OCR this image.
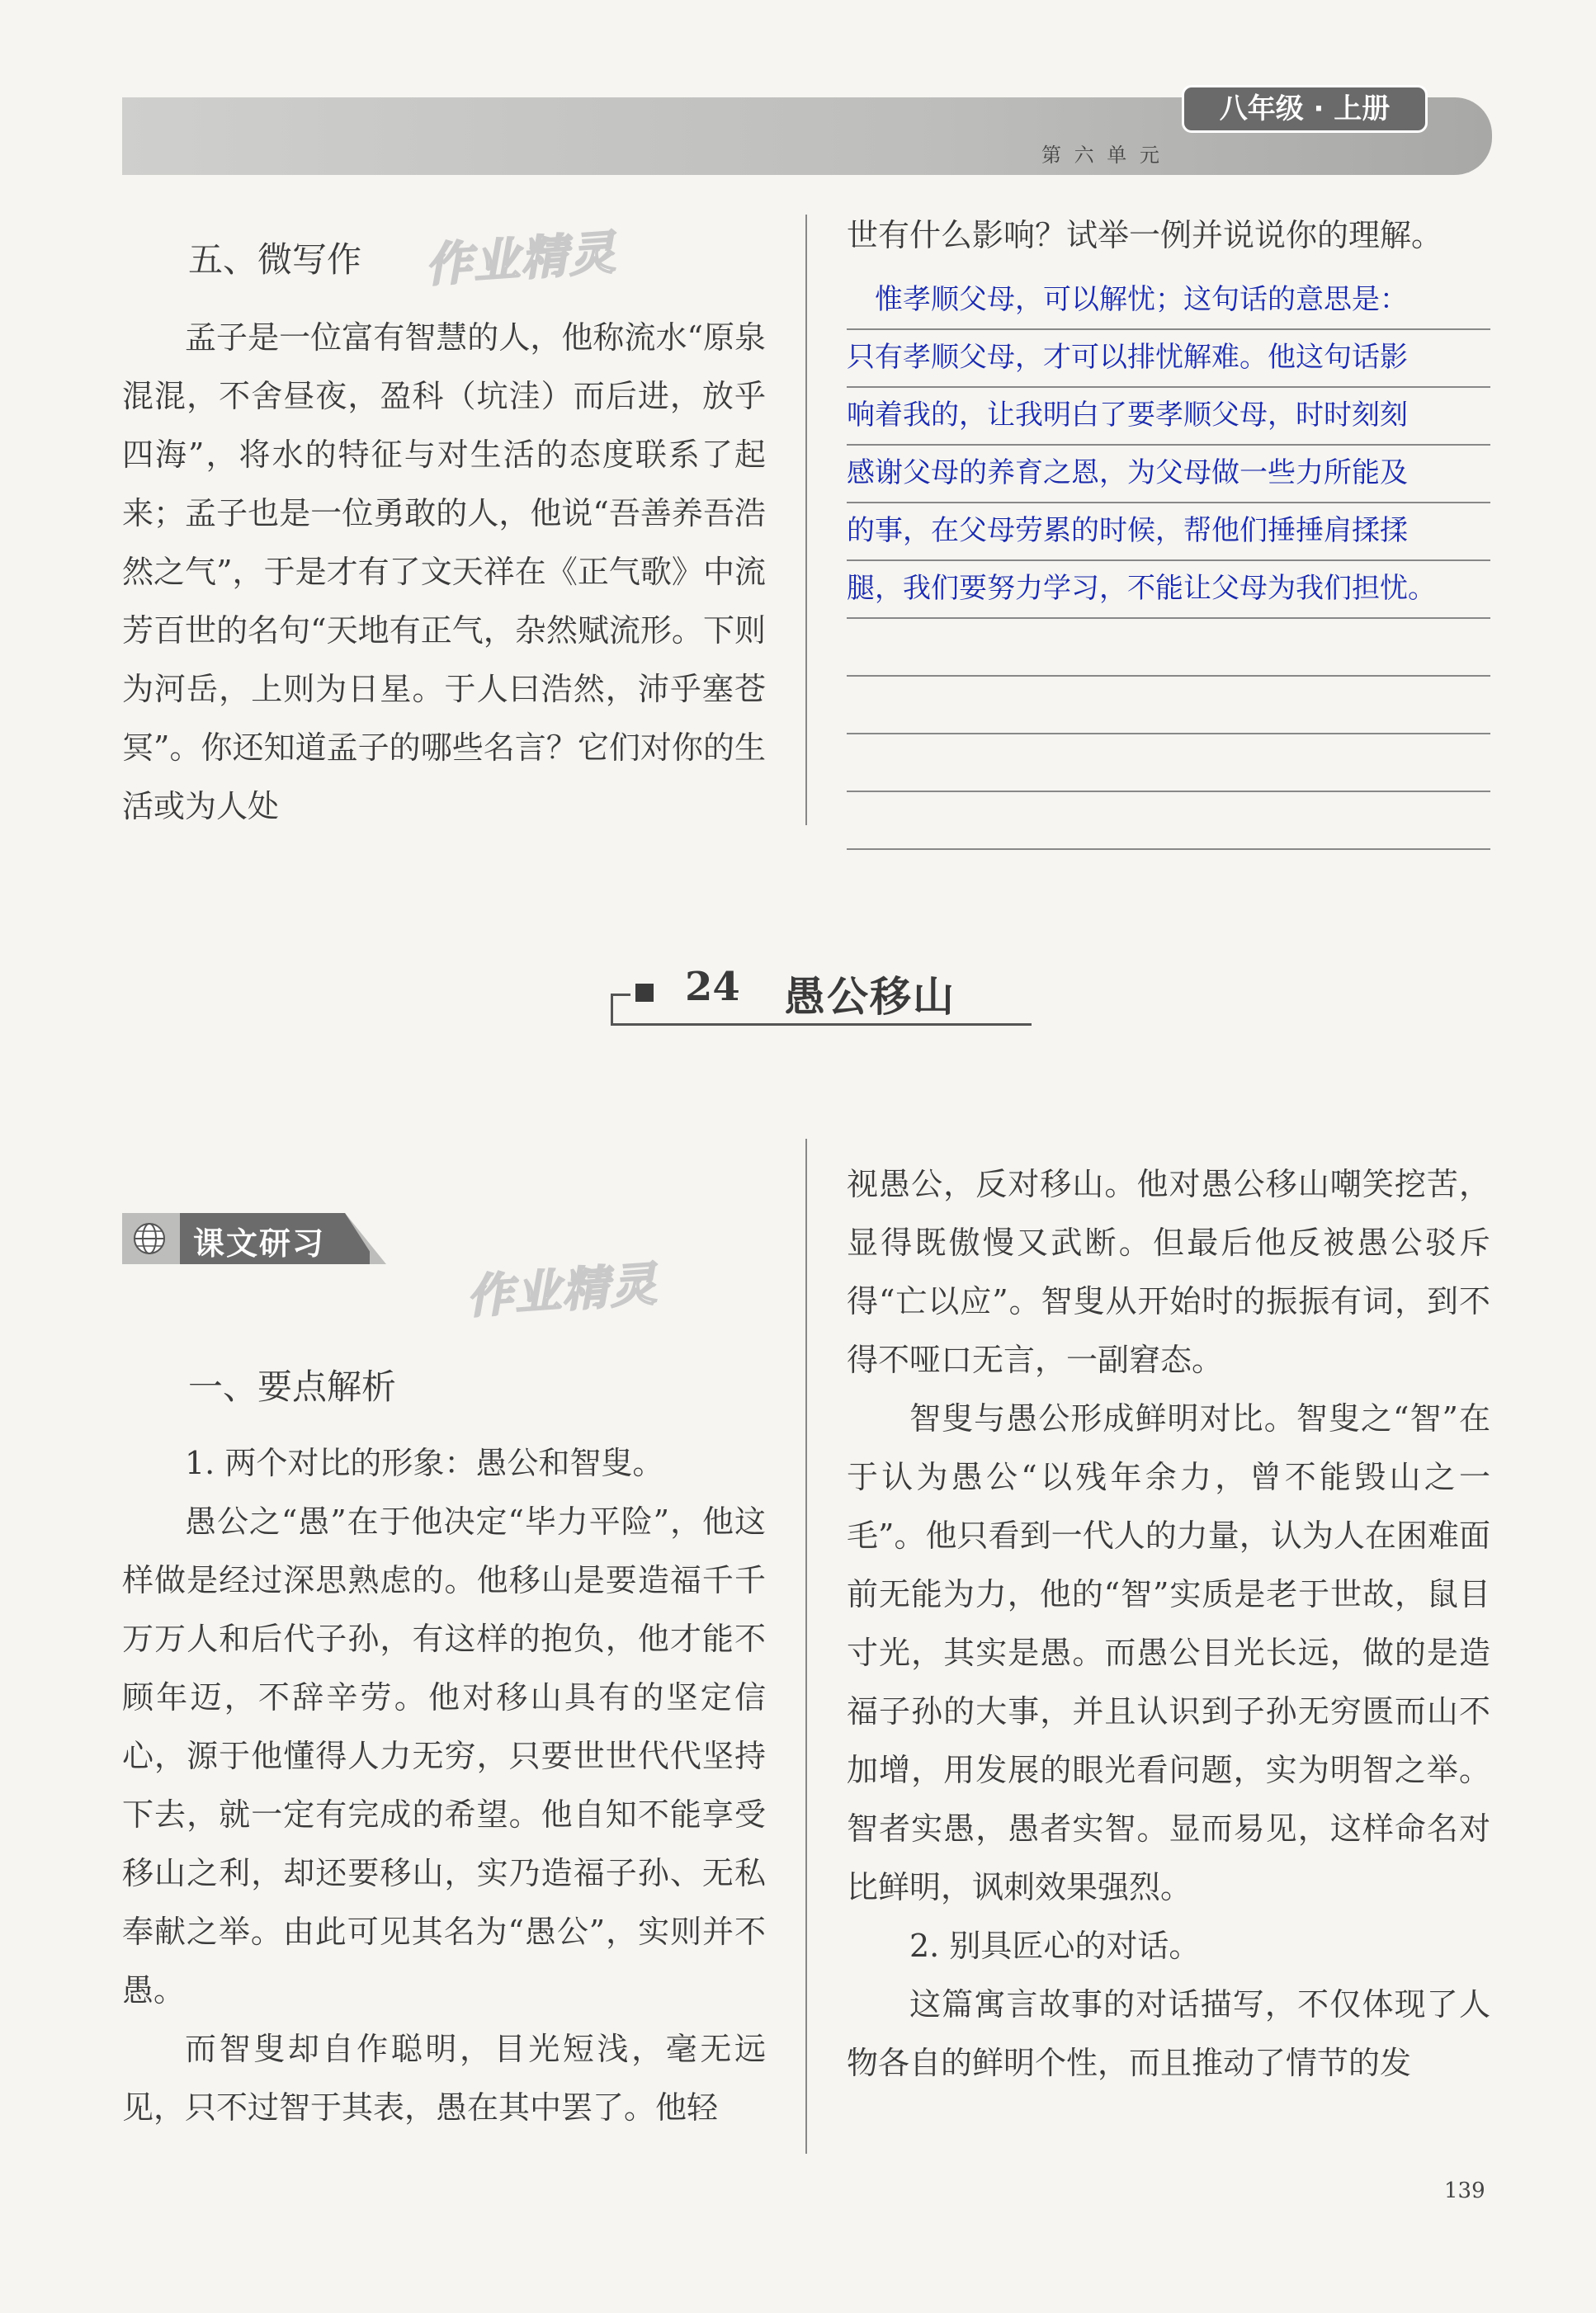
八年级 · 上册
第 六 单 元

五、微写作

孟子是一位富有智慧的人，他称流水“原泉混混，不舍昼夜，盈科（坑洼）而后进，放乎四海”，将水的特征与对生活的态度联系了起来；孟子也是一位勇敢的人，他说“吾善养吾浩然之气”，于是才有了文天祥在《正气歌》中流芳百世的名句“天地有正气，杂然赋流形。下则为河岳，上则为日星。于人曰浩然，沛乎塞苍冥”。你还知道孟子的哪些名言？它们对你的生活或为人处

作业精灵	世有什么影响？试举一例并说说你的理解。

　惟孝顺父母，可以解忧；这句话的意思是：
只有孝顺父母，才可以排忧解难。他这句话影
响着我的，让我明白了要孝顺父母，时时刻刻
感谢父母的养育之恩，为父母做一些力所能及
的事，在父母劳累的时候，帮他们捶捶肩揉揉
腿，我们要努力学习，不能让父母为我们担忧。
24 愚公移山
课文研习
作业精灵

一、要点解析

1. 两个对比的形象：愚公和智叟。

愚公之“愚”在于他决定“毕力平险”，他这样做是经过深思熟虑的。他移山是要造福千千万万人和后代子孙，有这样的抱负，他才能不顾年迈，不辞辛劳。他对移山具有的坚定信心，源于他懂得人力无穷，只要世世代代坚持下去，就一定有完成的希望。他自知不能享受移山之利，却还要移山，实乃造福子孙、无私奉献之举。由此可见其名为“愚公”，实则并不愚。

而智叟却自作聪明，目光短浅，毫无远见，只不过智于其表，愚在其中罢了。他轻

视愚公，反对移山。他对愚公移山嘲笑挖苦，显得既傲慢又武断。但最后他反被愚公驳斥得“亡以应”。智叟从开始时的振振有词，到不得不哑口无言，一副窘态。

智叟与愚公形成鲜明对比。智叟之“智”在于认为愚公“以残年余力，曾不能毁山之一毛”。他只看到一代人的力量，认为人在困难面前无能为力，他的“智”实质是老于世故，鼠目寸光，其实是愚。而愚公目光长远，做的是造福子孙的大事，并且认识到子孙无穷匮而山不加增，用发展的眼光看问题，实为明智之举。智者实愚，愚者实智。显而易见，这样命名对比鲜明，讽刺效果强烈。

2. 别具匠心的对话。

这篇寓言故事的对话描写，不仅体现了人物各自的鲜明个性，而且推动了情节的发

139
